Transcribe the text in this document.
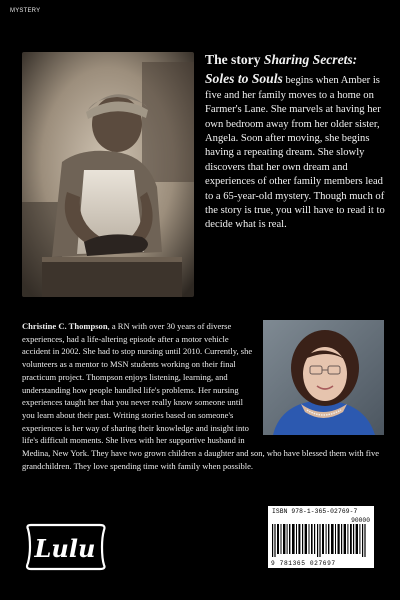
MYSTERY
The story Sharing Secrets: Soles to Souls begins when Amber is five and her family moves to a home on Farmer's Lane. She marvels at having her own bedroom away from her older sister, Angela. Soon after moving, she begins having a repeating dream. She slowly discovers that her own dream and experiences of other family members lead to a 65-year-old mystery. Though much of the story is true, you will have to read it to decide what is real.
Christine C. Thompson, a RN with over 30 years of diverse experiences, had a life-altering episode after a motor vehicle accident in 2002. She had to stop nursing until 2010. Currently, she volunteers as a mentor to MSN students working on their final practicum project. Thompson enjoys listening, learning, and understanding how people handled life's problems. Her nursing experiences taught her that you never really know someone until you learn about their past. Writing stories based on someone's experiences is her way of sharing their knowledge and insight into life's difficult moments. She lives with her supportive husband in Medina, New York. They have two grown children a daughter and son, who have blessed them with five grandchildren. They love spending time with family when possible.
Lulu
ISBN 978-1-365-02769-7
90000
9 781365 027697
